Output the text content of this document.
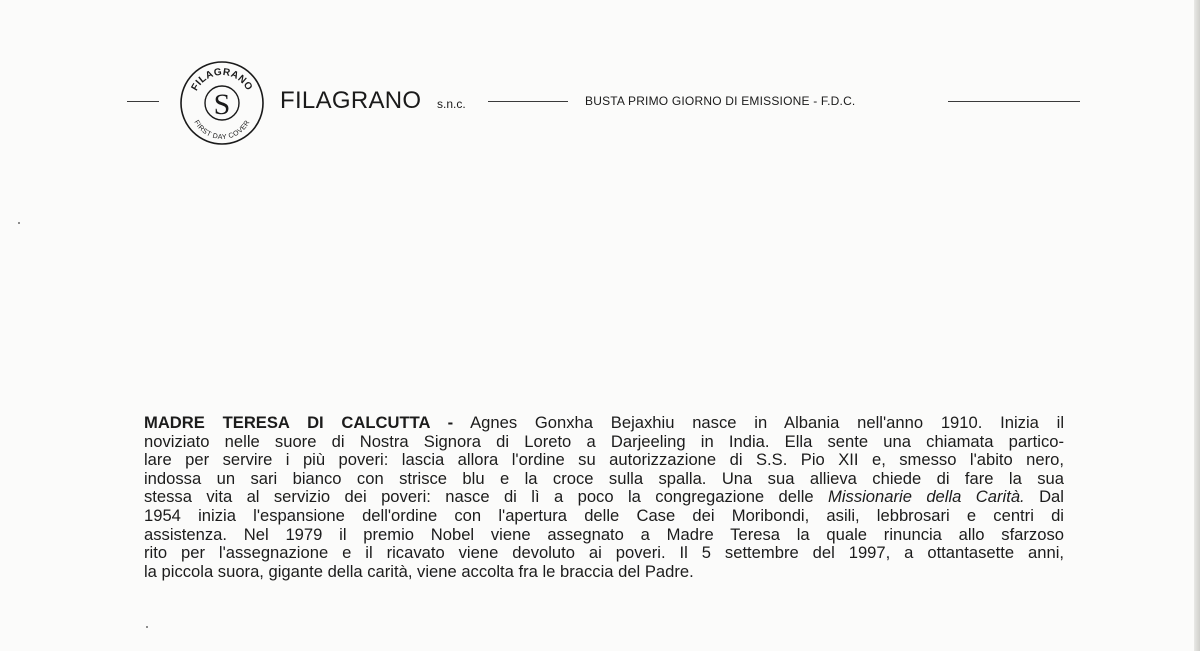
FILAGRANO
FIRST DAY COVER
S FILAGRANO s.n.c.	BUSTA PRIMO GIORNO DI EMISSIONE - F.D.C.
MADRE TERESA DI CALCUTTA - Agnes Gonxha Bejaxhiu nasce in Albania nell'anno 1910. Inizia il
noviziato nelle suore di Nostra Signora di Loreto a Darjeeling in India. Ella sente una chiamata partico-
lare per servire i più poveri: lascia allora l'ordine su autorizzazione di S.S. Pio XII e, smesso l'abito nero,
indossa un sari bianco con strisce blu e la croce sulla spalla. Una sua allieva chiede di fare la sua
stessa vita al servizio dei poveri: nasce di lì a poco la congregazione delle Missionarie della Carità. Dal
1954 inizia l'espansione dell'ordine con l'apertura delle Case dei Moribondi, asili, lebbrosari e centri di
assistenza. Nel 1979 il premio Nobel viene assegnato a Madre Teresa la quale rinuncia allo sfarzoso
rito per l'assegnazione e il ricavato viene devoluto ai poveri. Il 5 settembre del 1997, a ottantasette anni,
la piccola suora, gigante della carità, viene accolta fra le braccia del Padre.
